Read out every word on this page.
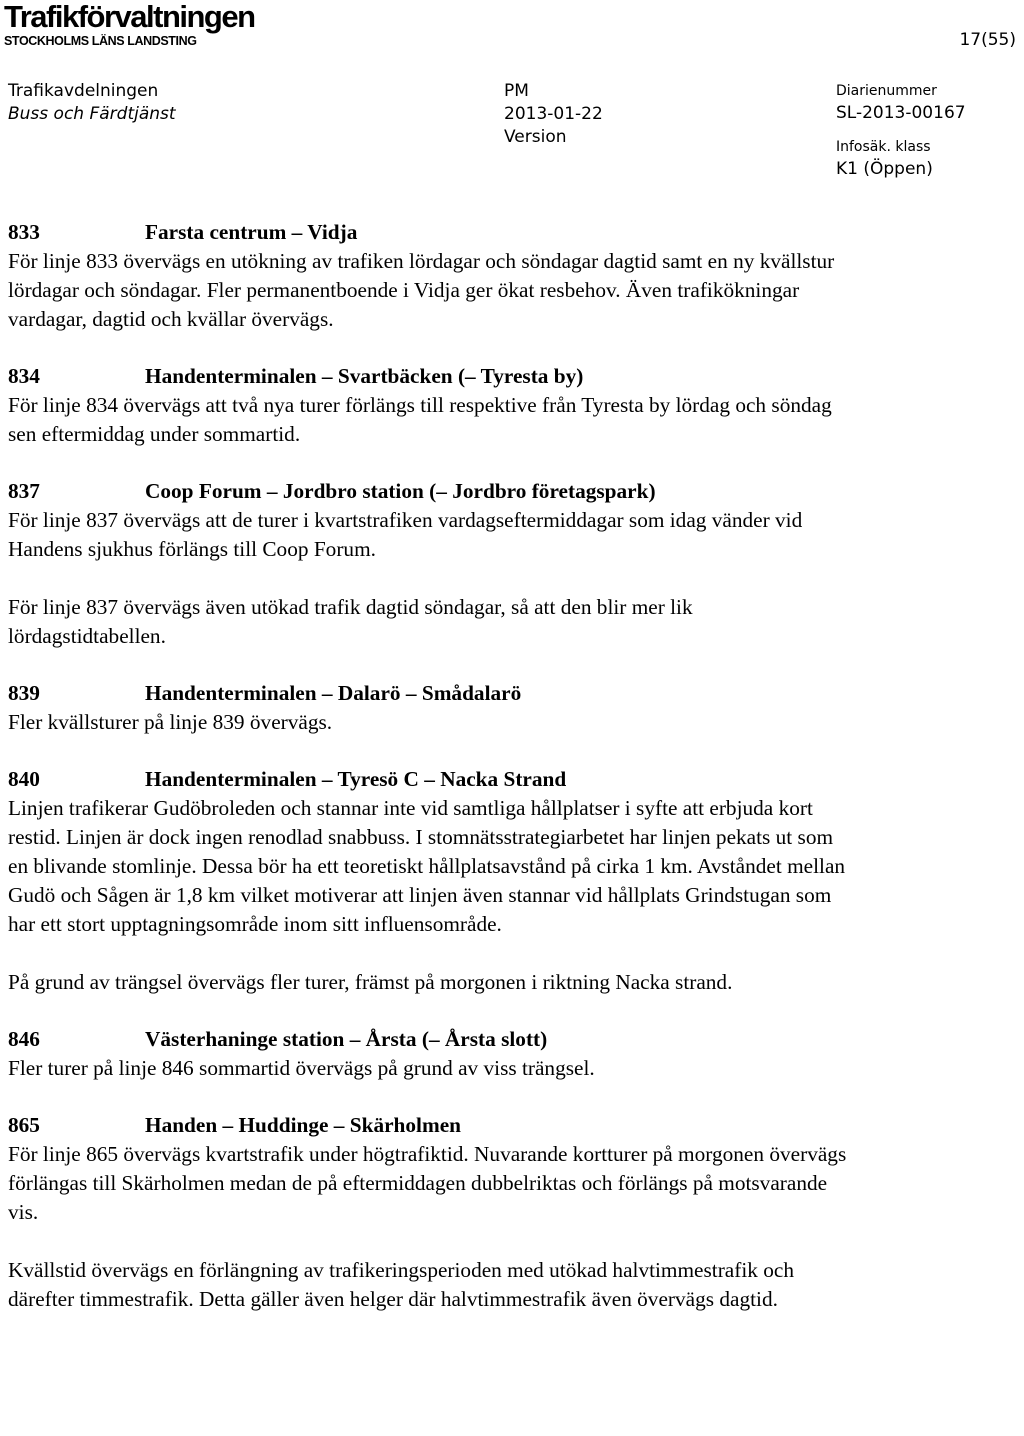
Trafikförvaltningen
STOCKHOLMS LÄNS LANDSTING	17(55)
Trafikavdelningen
Buss och Färdtjänst
PM
2013-01-22
Version
Diarienummer
SL-2013-00167
Infosäk. klass
K1 (Öppen)
833	Farsta centrum – Vidja

För linje 833 övervägs en utökning av trafiken lördagar och söndagar dagtid samt en ny kvällstur lördagar och söndagar. Fler permanentboende i Vidja ger ökat resbehov. Även trafikökningar vardagar, dagtid och kvällar övervägs.

834	Handenterminalen – Svartbäcken (– Tyresta by)

För linje 834 övervägs att två nya turer förlängs till respektive från Tyresta by lördag och söndag sen eftermiddag under sommartid.

837	Coop Forum – Jordbro station (– Jordbro företagspark)

För linje 837 övervägs att de turer i kvartstrafiken vardagseftermiddagar som idag vänder vid Handens sjukhus förlängs till Coop Forum.

För linje 837 övervägs även utökad trafik dagtid söndagar, så att den blir mer lik lördagstidtabellen.

839	Handenterminalen – Dalarö – Smådalarö

Fler kvällsturer på linje 839 övervägs.

840	Handenterminalen – Tyresö C – Nacka Strand

Linjen trafikerar Gudöbroleden och stannar inte vid samtliga hållplatser i syfte att erbjuda kort restid. Linjen är dock ingen renodlad snabbuss. I stomnätsstrategiarbetet har linjen pekats ut som en blivande stomlinje. Dessa bör ha ett teoretiskt hållplatsavstånd på cirka 1 km. Avståndet mellan Gudö och Sågen är 1,8 km vilket motiverar att linjen även stannar vid hållplats Grindstugan som har ett stort upptagningsområde inom sitt influensområde.

På grund av trängsel övervägs fler turer, främst på morgonen i riktning Nacka strand.

846	Västerhaninge station – Årsta (– Årsta slott)

Fler turer på linje 846 sommartid övervägs på grund av viss trängsel.

865	Handen – Huddinge – Skärholmen

För linje 865 övervägs kvartstrafik under högtrafiktid. Nuvarande kortturer på morgonen övervägs förlängas till Skärholmen medan de på eftermiddagen dubbelriktas och förlängs på motsvarande vis.

Kvällstid övervägs en förlängning av trafikeringsperioden med utökad halvtimmestrafik och därefter timmestrafik. Detta gäller även helger där halvtimmestrafik även övervägs dagtid.
